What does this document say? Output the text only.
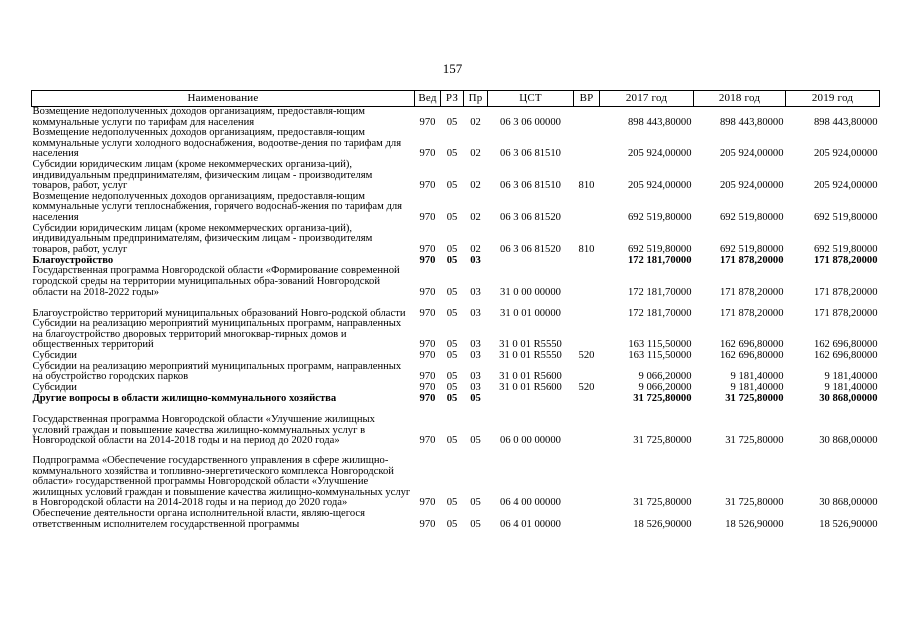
157
Наименование	Вед	РЗ	Пр	ЦСТ	ВР	2017 год	2018 год	2019 год
Возмещение недополученных доходов организациям, предоставля-ющим коммунальные услуги по тарифам для населения	970	05	02	06 3 06 00000		898 443,80000	898 443,80000	898 443,80000
Возмещение недополученных доходов организациям, предоставля-ющим коммунальные услуги холодного водоснабжения, водоотве-дения по тарифам для населения	970	05	02	06 3 06 81510		205 924,00000	205 924,00000	205 924,00000
Субсидии юридическим лицам (кроме некоммерческих организа-ций), индивидуальным предпринимателям, физическим лицам - производителям товаров, работ, услуг	970	05	02	06 3 06 81510	810	205 924,00000	205 924,00000	205 924,00000
Возмещение недополученных доходов организациям, предоставля-ющим коммунальные услуги теплоснабжения, горячего водоснаб-жения по тарифам для населения	970	05	02	06 3 06 81520		692 519,80000	692 519,80000	692 519,80000
Субсидии юридическим лицам (кроме некоммерческих организа-ций), индивидуальным предпринимателям, физическим лицам - производителям товаров, работ, услуг	970	05	02	06 3 06 81520	810	692 519,80000	692 519,80000	692 519,80000
Благоустройство	970	05	03			172 181,70000	171 878,20000	171 878,20000
Государственная программа Новгородской области «Формирование современной городской среды на территории муниципальных обра-зований Новгородской области на 2018-2022 годы»	970	05	03	31 0 00 00000		172 181,70000	171 878,20000	171 878,20000
Благоустройство территорий муниципальных образований Новго-родской области	970	05	03	31 0 01 00000		172 181,70000	171 878,20000	171 878,20000
Субсидии на реализацию мероприятий муниципальных программ, направленных на благоустройство дворовых территорий многоквар-тирных домов и общественных территорий	970	05	03	31 0 01 R5550		163 115,50000	162 696,80000	162 696,80000
Субсидии	970	05	03	31 0 01 R5550	520	163 115,50000	162 696,80000	162 696,80000
Субсидии на реализацию мероприятий муниципальных программ, направленных на обустройство городских парков	970	05	03	31 0 01 R5600		9 066,20000	9 181,40000	9 181,40000
Субсидии	970	05	03	31 0 01 R5600	520	9 066,20000	9 181,40000	9 181,40000
Другие вопросы в области жилищно-коммунального хозяйства	970	05	05			31 725,80000	31 725,80000	30 868,00000
Государственная программа Новгородской области «Улучшение жилищных условий граждан и повышение качества жилищно-коммунальных услуг в Новгородской области на 2014-2018 годы и на период до 2020 года»	970	05	05	06 0 00 00000		31 725,80000	31 725,80000	30 868,00000
Подпрограмма «Обеспечение государственного управления в сфере жилищно-коммунального хозяйства и топливно-энергетического комплекса Новгородской области» государственной программы Новгородской области «Улучшение жилищных условий граждан и повышение качества жилищно-коммунальных услуг в Новгородской области на 2014-2018 годы и на период до 2020 года»	970	05	05	06 4 00 00000		31 725,80000	31 725,80000	30 868,00000
Обеспечение деятельности органа исполнительной власти, являю-щегося ответственным исполнителем государственной программы	970	05	05	06 4 01 00000		18 526,90000	18 526,90000	18 526,90000
